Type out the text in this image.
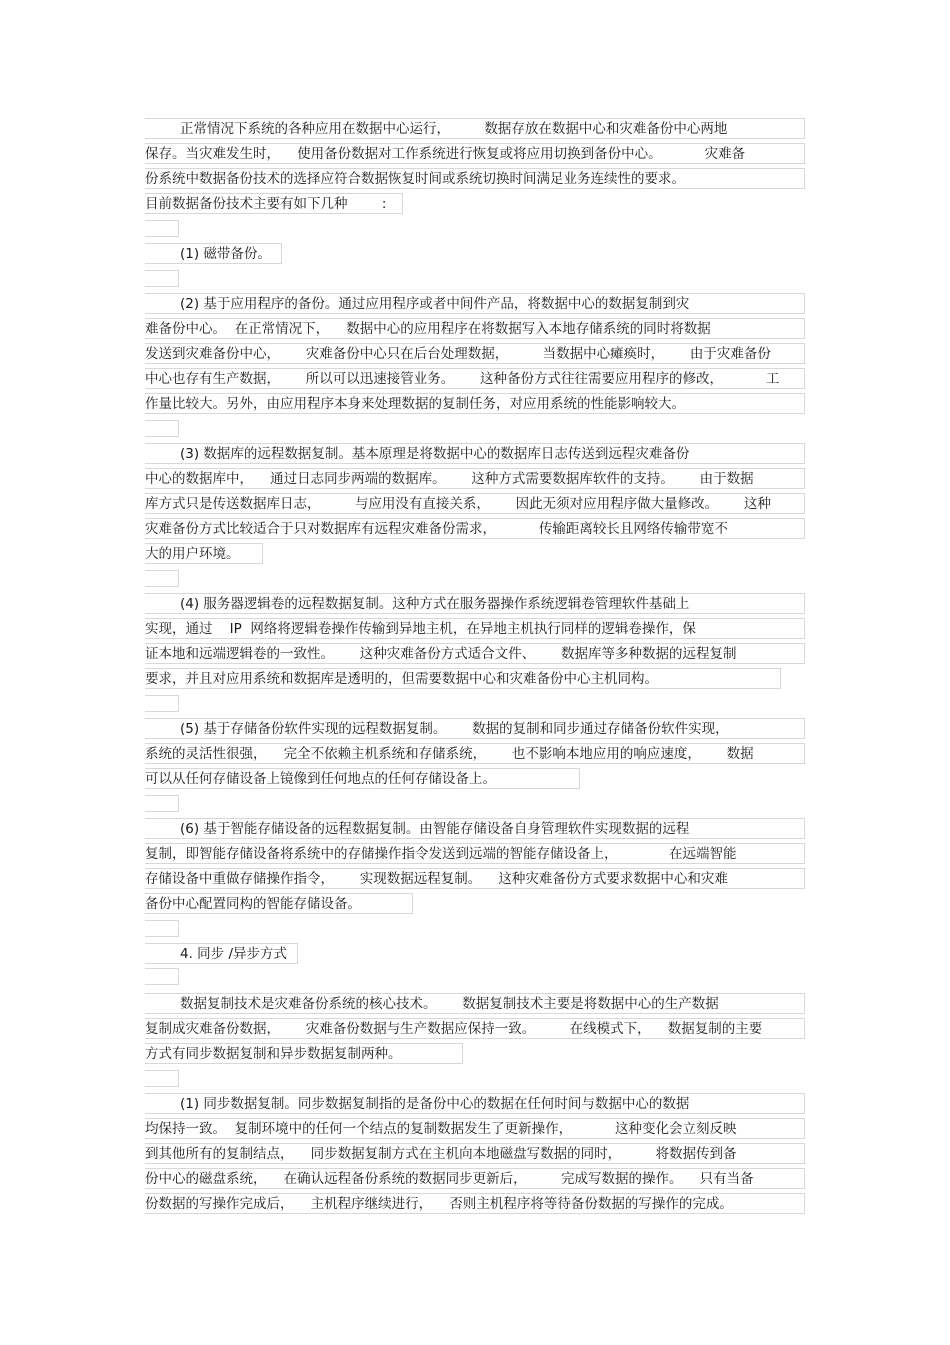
正常情况下系统的各种应用在数据中心运行，        数据存放在数据中心和灾难备份中心两地
保存。当灾难发生时，    使用备份数据对工作系统进行恢复或将应用切换到备份中心。          灾难备
份系统中数据备份技术的选择应符合数据恢复时间或系统切换时间满足业务连续性的要求。
目前数据备份技术主要有如下几种        :
(1) 磁带备份。
(2) 基于应用程序的备份。通过应用程序或者中间件产品，将数据中心的数据复制到灾
难备份中心。  在正常情况下，    数据中心的应用程序在将数据写入本地存储系统的同时将数据
发送到灾难备份中心，      灾难备份中心只在后台处理数据，        当数据中心瘫痪时，      由于灾难备份
中心也存有生产数据，      所以可以迅速接管业务。      这种备份方式往往需要应用程序的修改，          工
作量比较大。另外，由应用程序本身来处理数据的复制任务，对应用系统的性能影响较大。
(3) 数据库的远程数据复制。基本原理是将数据中心的数据库日志传送到远程灾难备份
中心的数据库中，    通过日志同步两端的数据库。      这种方式需要数据库软件的支持。      由于数据
库方式只是传送数据库日志，        与应用没有直接关系，      因此无须对应用程序做大量修改。      这种
灾难备份方式比较适合于只对数据库有远程灾难备份需求，          传输距离较长且网络传输带宽不
大的用户环境。
(4) 服务器逻辑卷的远程数据复制。这种方式在服务器操作系统逻辑卷管理软件基础上
实现，通过    IP  网络将逻辑卷操作传输到异地主机，在异地主机执行同样的逻辑卷操作，保
证本地和远端逻辑卷的一致性。      这种灾难备份方式适合文件、      数据库等多种数据的远程复制
要求，并且对应用系统和数据库是透明的，但需要数据中心和灾难备份中心主机同构。
(5) 基于存储备份软件实现的远程数据复制。      数据的复制和同步通过存储备份软件实现，
系统的灵活性很强，    完全不依赖主机系统和存储系统，      也不影响本地应用的响应速度，      数据
可以从任何存储设备上镜像到任何地点的任何存储设备上。
(6) 基于智能存储设备的远程数据复制。由智能存储设备自身管理软件实现数据的远程
复制，即智能存储设备将系统中的存储操作指令发送到远端的智能存储设备上，            在远端智能
存储设备中重做存储操作指令，      实现数据远程复制。    这种灾难备份方式要求数据中心和灾难
备份中心配置同构的智能存储设备。
4. 同步 /异步方式
数据复制技术是灾难备份系统的核心技术。      数据复制技术主要是将数据中心的生产数据
复制成灾难备份数据，      灾难备份数据与生产数据应保持一致。        在线模式下，    数据复制的主要
方式有同步数据复制和异步数据复制两种。
(1) 同步数据复制。同步数据复制指的是备份中心的数据在任何时间与数据中心的数据
均保持一致。  复制环境中的任何一个结点的复制数据发生了更新操作，          这种变化会立刻反映
到其他所有的复制结点，    同步数据复制方式在主机向本地磁盘写数据的同时，        将数据传到备
份中心的磁盘系统，    在确认远程备份系统的数据同步更新后，        完成写数据的操作。    只有当备
份数据的写操作完成后，    主机程序继续进行，    否则主机程序将等待备份数据的写操作的完成。
